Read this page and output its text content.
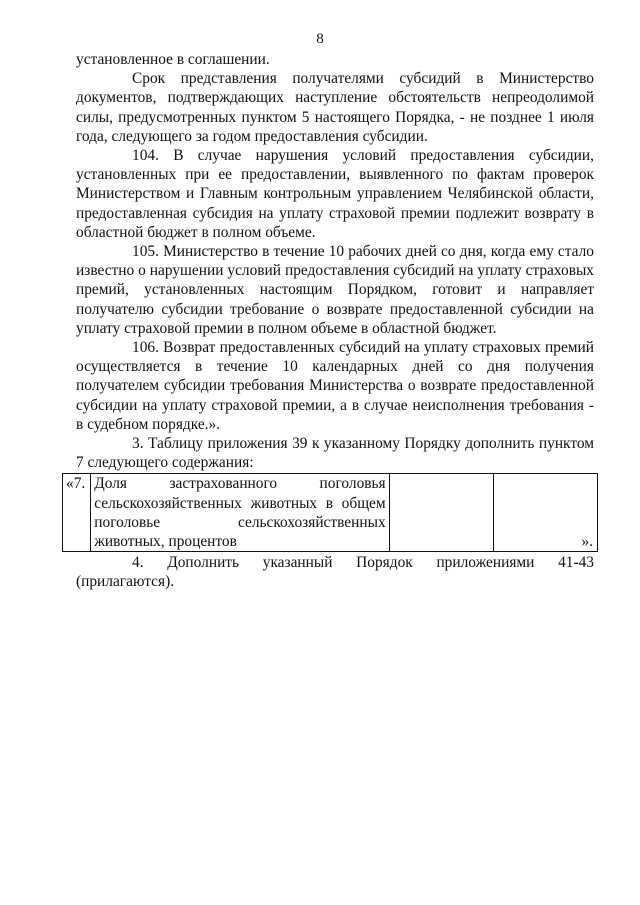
8

установленное в соглашении.

Срок представления получателями субсидий в Министерство документов, подтверждающих наступление обстоятельств непреодолимой силы, предусмотренных пунктом 5 настоящего Порядка, - не позднее 1 июля года, следующего за годом предоставления субсидии.

104. В случае нарушения условий предоставления субсидии, установленных при ее предоставлении, выявленного по фактам проверок Министерством и Главным контрольным управлением Челябинской области, предоставленная субсидия на уплату страховой премии подлежит возврату в областной бюджет в полном объеме.

105. Министерство в течение 10 рабочих дней со дня, когда ему стало известно о нарушении условий предоставления субсидий на уплату страховых премий, установленных настоящим Порядком, готовит и направляет получателю субсидии требование о возврате предоставленной субсидии на уплату страховой премии в полном объеме в областной бюджет.

106. Возврат предоставленных субсидий на уплату страховых премий осуществляется в течение 10 календарных дней со дня получения получателем субсидии требования Министерства о возврате предоставленной субсидии на уплату страховой премии, а в случае неисполнения требования - в судебном порядке.».

3. Таблицу приложения 39 к указанному Порядку дополнить пунктом 7 следующего содержания:

«7.	Доля застрахованного поголовья сельскохозяйственных животных в общем поголовье сельскохозяйственных животных, процентов		».

4. Дополнить указанный Порядок приложениями 41-43 (прилагаются).
